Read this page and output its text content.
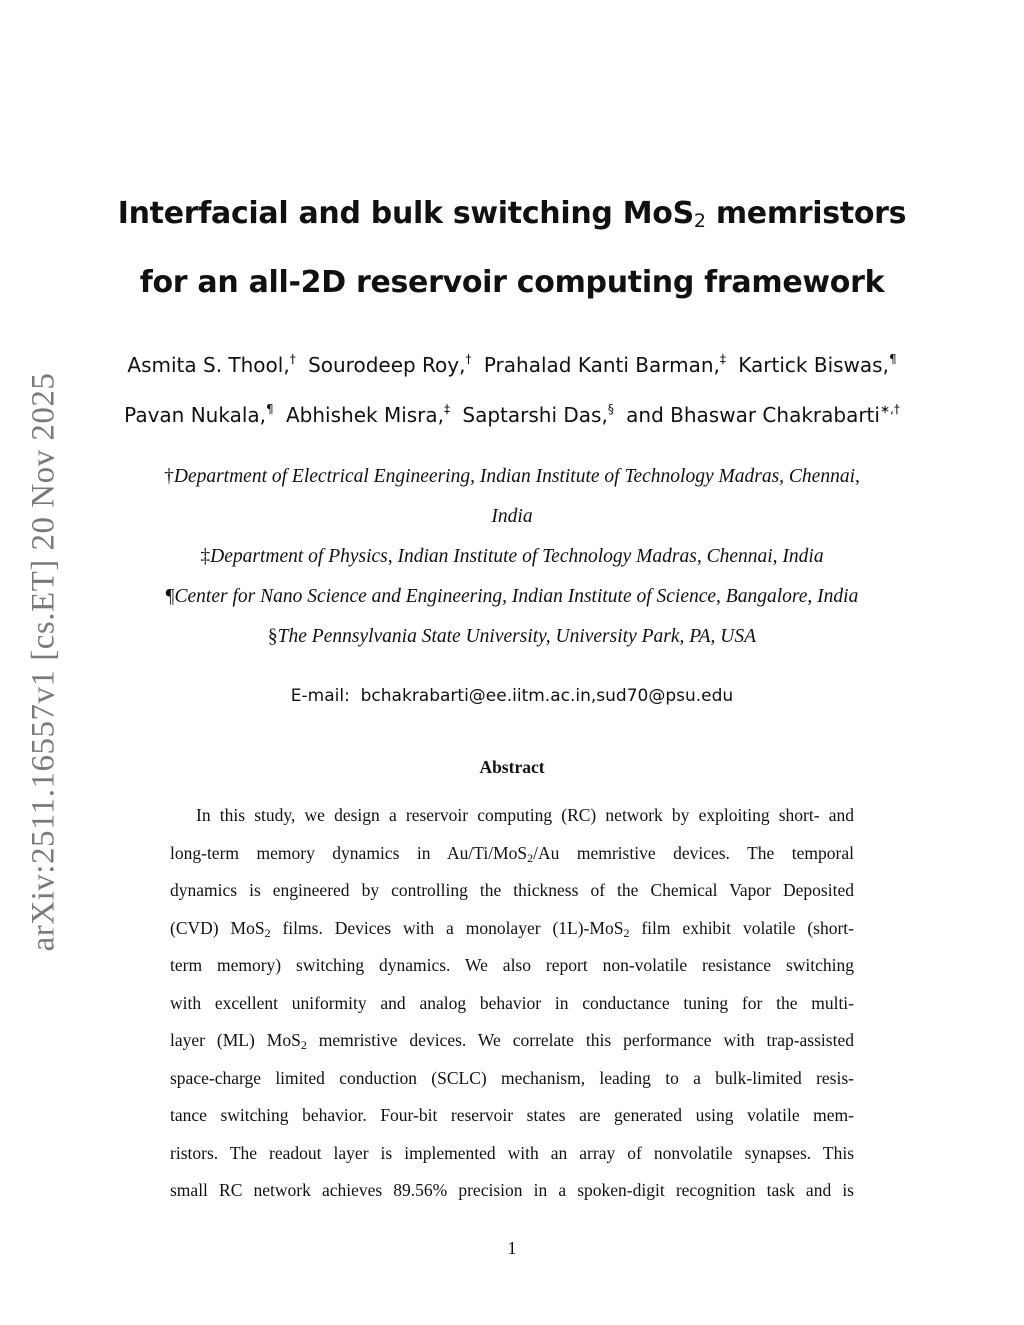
arXiv:2511.16557v1 [cs.ET] 20 Nov 2025
Interfacial and bulk switching MoS$_2$ memristors
for an all-2D reservoir computing framework
Asmita S. Thool,† Sourodeep Roy,† Prahalad Kanti Barman,‡ Kartick Biswas,¶
Pavan Nukala,¶ Abhishek Misra,‡ Saptarshi Das,§ and Bhaswar Chakrabarti∗,†
†Department of Electrical Engineering, Indian Institute of Technology Madras, Chennai,
India
‡Department of Physics, Indian Institute of Technology Madras, Chennai, India
¶Center for Nano Science and Engineering, Indian Institute of Science, Bangalore, India
§The Pennsylvania State University, University Park, PA, USA
E-mail: bchakrabarti@ee.iitm.ac.in,sud70@psu.edu
Abstract
In this study, we design a reservoir computing (RC) network by exploiting short- and
long-term memory dynamics in Au/Ti/MoS$_2$/Au memristive devices. The temporal
dynamics is engineered by controlling the thickness of the Chemical Vapor Deposited
(CVD) MoS$_2$ films. Devices with a monolayer (1L)-MoS$_2$ film exhibit volatile (short-
term memory) switching dynamics. We also report non-volatile resistance switching
with excellent uniformity and analog behavior in conductance tuning for the multi-
layer (ML) MoS$_2$ memristive devices. We correlate this performance with trap-assisted
space-charge limited conduction (SCLC) mechanism, leading to a bulk-limited resis-
tance switching behavior. Four-bit reservoir states are generated using volatile mem-
ristors. The readout layer is implemented with an array of nonvolatile synapses. This
small RC network achieves 89.56% precision in a spoken-digit recognition task and is
1
